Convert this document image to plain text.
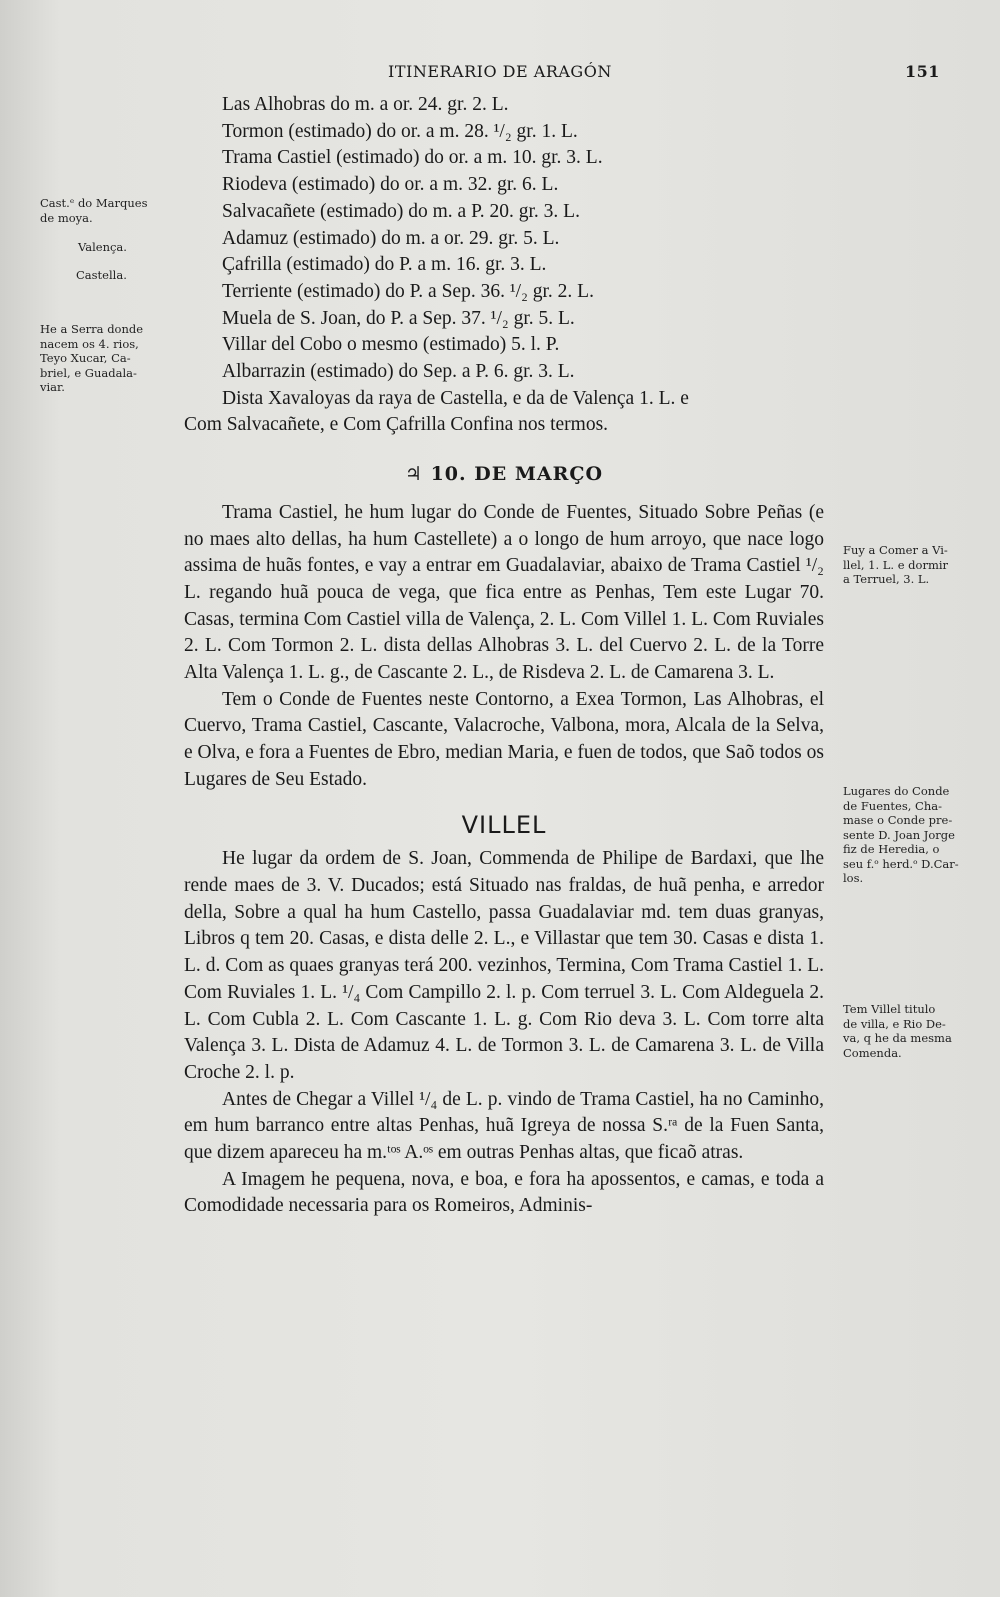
ITINERARIO DE ARAGÓN	151
Cast.ᵉ do Marques
de moya.
Valença.
Castella.
He a Serra donde
nacem os 4. rios,
Teyo Xucar, Ca-
briel, e Guadala-
viar.
Fuy a Comer a Vi-
llel, 1. L. e dormir
a Terruel, 3. L.
Lugares do Conde
de Fuentes, Cha-
mase o Conde pre-
sente D. Joan Jorge
fiz de Heredia, o
seu f.ᵒ herd.ᵒ D.Car-
los.
Tem Villel titulo
de villa, e Rio De-
va, q he da mesma
Comenda.
Las Alhobras do m. a or. 24. gr. 2. L.
Tormon (estimado) do or. a m. 28. ¹/₂ gr. 1. L.
Trama Castiel (estimado) do or. a m. 10. gr. 3. L.
Riodeva (estimado) do or. a m. 32. gr. 6. L.
Salvacañete (estimado) do m. a P. 20. gr. 3. L.
Adamuz (estimado) do m. a or. 29. gr. 5. L.
Çafrilla (estimado) do P. a m. 16. gr. 3. L.
Terriente (estimado) do P. a Sep. 36. ¹/₂ gr. 2. L.
Muela de S. Joan, do P. a Sep. 37. ¹/₂ gr. 5. L.
Villar del Cobo o mesmo (estimado) 5. l. P.
Albarrazin (estimado) do Sep. a P. 6. gr. 3. L.
Dista Xavaloyas da raya de Castella, e da de Valença 1. L. e
Com Salvacañete, e Com Çafrilla Confina nos termos.
♃ 10. DE MARÇO

Trama Castiel, he hum lugar do Conde de Fuentes, Situado Sobre Peñas (e no maes alto dellas, ha hum Castellete) a o longo de hum arroyo, que nace logo assima de huãs fontes, e vay a entrar em Guadalaviar, abaixo de Trama Castiel ¹/₂ L. regando huã pouca de vega, que fica entre as Penhas, Tem este Lugar 70. Casas, termina Com Castiel villa de Valença, 2. L. Com Villel 1. L. Com Ruviales 2. L. Com Tormon 2. L. dista dellas Alhobras 3. L. del Cuervo 2. L. de la Torre Alta Valença 1. L. g., de Cascante 2. L., de Risdeva 2. L. de Camarena 3. L.

Tem o Conde de Fuentes neste Contorno, a Exea Tormon, Las Alhobras, el Cuervo, Trama Castiel, Cascante, Valacroche, Valbona, mora, Alcala de la Selva, e Olva, e fora a Fuentes de Ebro, median Maria, e fuen de todos, que Saõ todos os Lugares de Seu Estado.

VILLEL

He lugar da ordem de S. Joan, Commenda de Philipe de Bardaxi, que lhe rende maes de 3. V. Ducados; está Situado nas fraldas, de huã penha, e arredor della, Sobre a qual ha hum Castello, passa Guadalaviar md. tem duas granyas, Libros q tem 20. Casas, e dista delle 2. L., e Villastar que tem 30. Casas e dista 1. L. d. Com as quaes granyas terá 200. vezinhos, Termina, Com Trama Castiel 1. L. Com Ruviales 1. L. ¹/₄ Com Campillo 2. l. p. Com terruel 3. L. Com Aldeguela 2. L. Com Cubla 2. L. Com Cascante 1. L. g. Com Rio deva 3. L. Com torre alta Valença 3. L. Dista de Adamuz 4. L. de Tormon 3. L. de Camarena 3. L. de Villa Croche 2. l. p.

Antes de Chegar a Villel ¹/₄ de L. p. vindo de Trama Castiel, ha no Caminho, em hum barranco entre altas Penhas, huã Igreya de nossa S.ʳᵃ de la Fuen Santa, que dizem apareceu ha m.ᵗᵒˢ A.ᵒˢ em outras Penhas altas, que ficaõ atras.

A Imagem he pequena, nova, e boa, e fora ha apossentos, e camas, e toda a Comodidade necessaria para os Romeiros, Adminis-
